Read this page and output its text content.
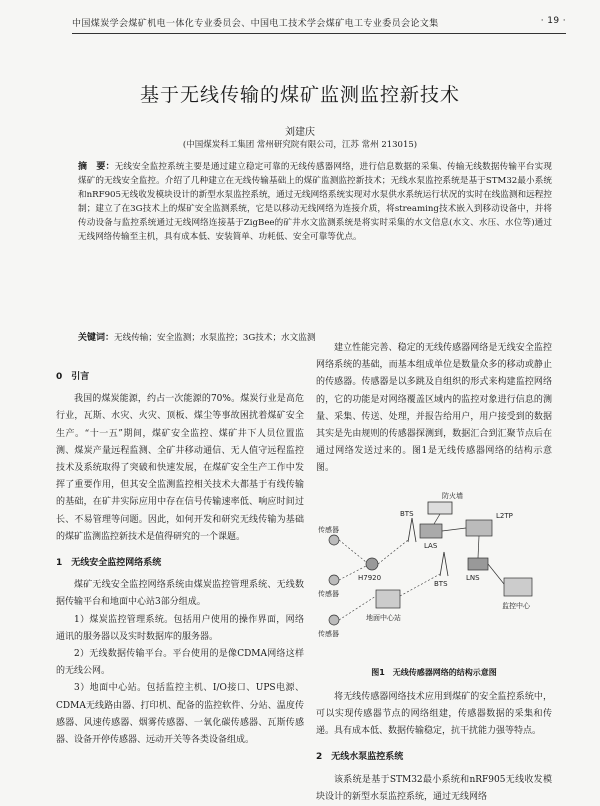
中国煤炭学会煤矿机电一体化专业委员会、中国电工技术学会煤矿电工专业委员会论文集	· 19 ·
基于无线传输的煤矿监测监控新技术
刘建庆
(中国煤炭科工集团 常州研究院有限公司，江苏 常州 213015)
摘　要：无线安全监控系统主要是通过建立稳定可靠的无线传感器网络，进行信息数据的采集、传输无线数据传输平台实现煤矿的无线安全监控。介绍了几种建立在无线传输基础上的煤矿监测监控新技术；无线水泵监控系统是基于STM32最小系统和nRF905无线收发模块设计的新型水泵监控系统，通过无线网络系统实现对水泵供水系统运行状况的实时在线监测和远程控制；建立了在3G技术上的煤矿安全监测系统，它是以移动无线网络为连接介质，将streaming技术嵌入到移动设备中，并将传动设备与监控系统通过无线网络连接基于ZigBee的矿井水文监测系统是将实时采集的水文信息(水文、水压、水位等)通过无线网络传输至主机，具有成本低、安装简单、功耗低、安全可靠等优点。
关键词：无线传输；安全监测；水泵监控；3G技术；水文监测
0　引言

我国的煤炭能源，约占一次能源的70%。煤炭行业是高危行业，瓦斯、水灾、火灾、顶板、煤尘等事故困扰着煤矿安全生产。“十一五”期间，煤矿安全监控、煤矿井下人员位置监测、煤炭产量远程监测、全矿井移动通信、无人值守远程监控技术及系统取得了突破和快速发展，在煤矿安全生产工作中发挥了重要作用，但其安全监测监控相关技术大都基于有线传输的基础，在矿井实际应用中存在信号传输速率低、响应时间过长、不易管理等问题。因此，如何开发和研究无线传输为基础的煤矿监测监控新技术是值得研究的一个课题。

1　无线安全监控网络系统

煤矿无线安全监控网络系统由煤炭监控管理系统、无线数据传输平台和地面中心站3部分组成。

1）煤炭监控管理系统。包括用户使用的操作界面，网络通讯的服务器以及实时数据库的服务器。

2）无线数据传输平台。平台使用的是像CDMA网络这样的无线公网。

3）地面中心站。包括监控主机、I/O接口、UPS电源、CDMA无线路由器、打印机、配备的监控软件、分站、温度传感器、风速传感器、烟雾传感器、一氧化碳传感器、瓦斯传感器、设备开停传感器、远动开关等各类设备组成。

建立性能完善、稳定的无线传感器网络是无线安全监控网络系统的基础，而基本组成单位是数量众多的移动或静止的传感器。传感器是以多跳及自组织的形式来构建监控网络的，它的功能是对网络覆盖区域内的监控对象进行信息的测量、采集、传送、处理，并报告给用户，用户接受到的数据其实是先由规则的传感器探测到，数据汇合到汇聚节点后在通过网络发送过来的。图1是无线传感器网络的结构示意图。

防火墙
BTS
LAS
L2TP
BTS
LNS
H7920
传感器
传感器
传感器
地面中心站
监控中心
图1　无线传感器网络的结构示意图

将无线传感器网络技术应用到煤矿的安全监控系统中，可以实现传感器节点的网络组建，传感器数据的采集和传递。具有成本低、数据传输稳定，抗干扰能力强等特点。

2　无线水泵监控系统

该系统是基于STM32最小系统和nRF905无线收发模块设计的新型水泵监控系统，通过无线网络
